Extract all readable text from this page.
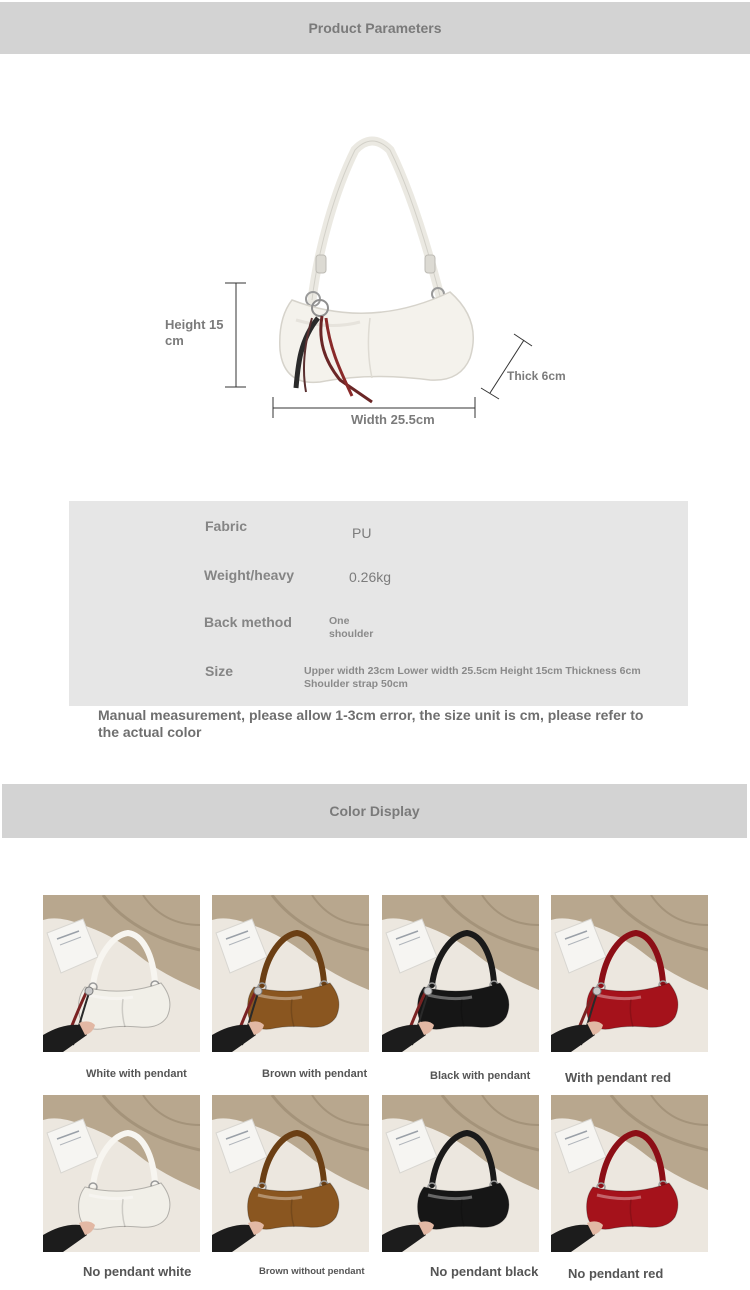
Product Parameters
Height 15 cm
Width 25.5cm
Thick 6cm
Fabric	PU
Weight/heavy	0.26kg
Back method	One shoulder
Size	Upper width 23cm Lower width 25.5cm Height 15cm Thickness 6cm Shoulder strap 50cm
Manual measurement, please allow 1-3cm error, the size unit is cm, please refer to the actual color
Color Display
White with pendant	Brown with pendant	Black with pendant	With pendant red
No pendant white	Brown without pendant	No pendant black No pendant red
